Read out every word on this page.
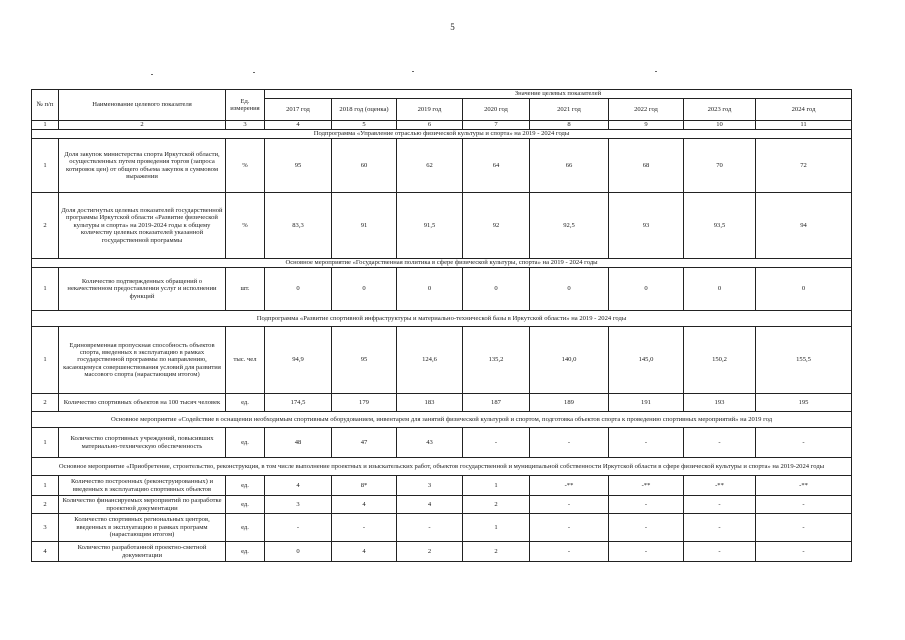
5
№ п/п	Наименование целевого показателя	Ед. измерения	Значение целевых показателей							
			2017 год	2018 год (оценка)	2019 год	2020 год	2021 год	2022 год	2023 год	2024 год
1	2	3	4	5	6	7	8	9	10	11
Подпрограмма «Управление отраслью физической культуры и спорта» на 2019 - 2024 годы										
1	Доля закупок министерства спорта Иркутской области, осуществленных путем проведения торгов (запроса котировок цен) от общего объема закупок в суммовом выражении	%	95	60	62	64	66	68	70	72
2	Доля достигнутых целевых показателей государственной программы Иркутской области «Развитие физической культуры и спорта» на 2019-2024 годы к общему количеству целевых показателей указанной государственной программы	%	83,3	91	91,5	92	92,5	93	93,5	94
Основное мероприятие «Государственная политика в сфере физической культуры, спорта» на 2019 - 2024 годы										
1	Количество подтвержденных обращений о некачественном предоставлении услуг и исполнении функций	шт.	0	0	0	0	0	0	0	0
Подпрограмма «Развитие спортивной инфраструктуры и материально-технической базы в Иркутской области» на 2019 - 2024 годы										
1	Единовременная пропускная способность объектов спорта, введенных в эксплуатацию в рамках государственной программы по направлению, касающемуся совершенствования условий для развития массового спорта (нарастающим итогом)	тыс. чел	94,9	95	124,6	135,2	140,0	145,0	150,2	155,5
2	Количество спортивных объектов на 100 тысяч человек	ед.	174,5	179	183	187	189	191	193	195
Основное мероприятие «Содействие в оснащении необходимым спортивным оборудованием, инвентарем для занятий физической культурой и спортом, подготовка объектов спорта к проведению спортивных мероприятий» на 2019 год										
1	Количество спортивных учреждений, повысивших материально-техническую обеспеченность	ед.	48	47	43	-	-	-	-	-
Основное мероприятие «Приобретение, строительство, реконструкция, в том числе выполнение проектных и изыскательских работ, объектов государственной и муниципальной собственности Иркутской области в сфере физической культуры и спорта» на 2019-2024 годы										
1	Количество построенных (реконструированных) и введенных в эксплуатацию спортивных объектов	ед.	4	8*	3	1	-**	-**	-**	-**
2	Количество финансируемых мероприятий по разработке проектной документации	ед.	3	4	4	2	-	-	-	-
3	Количество спортивных региональных центров, введенных в эксплуатацию в рамках программ (нарастающим итогом)	ед.	-	-	-	1	-	-	-	-
4	Количество разработанной проектно-сметной документации	ед.	0	4	2	2	-	-	-	-
